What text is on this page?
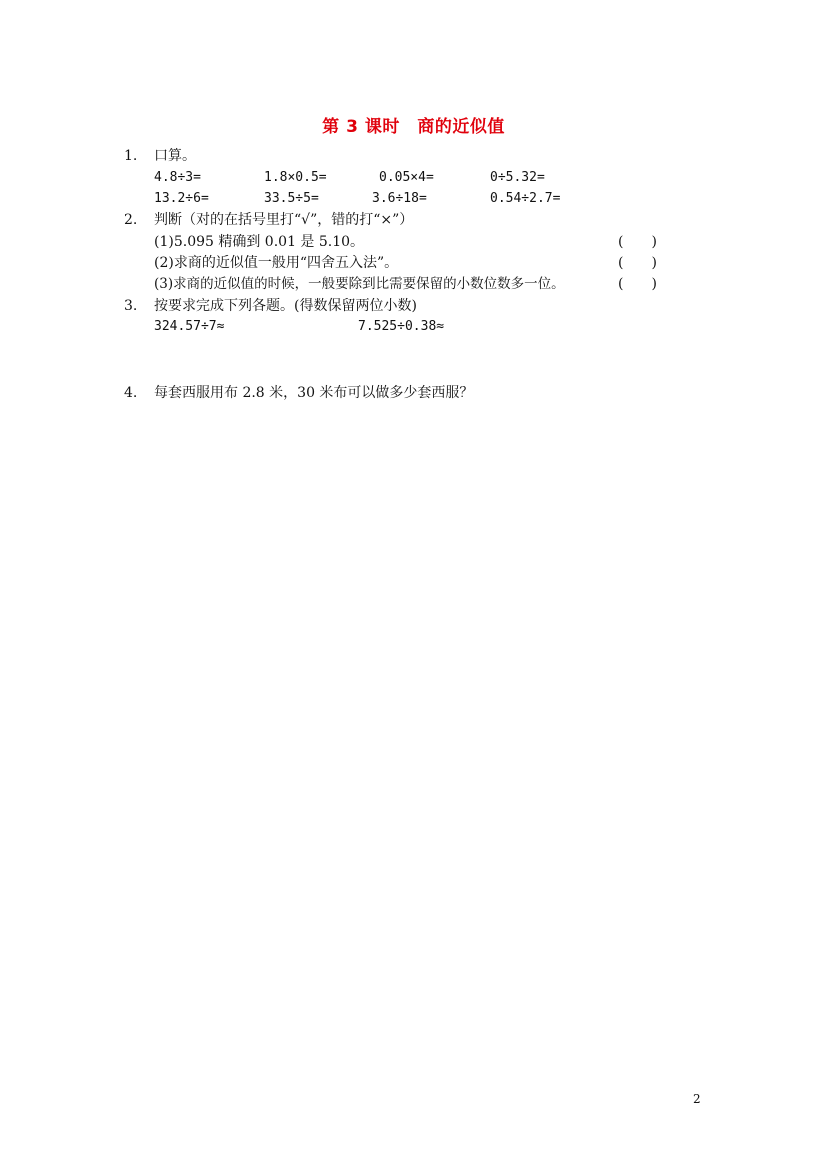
第 3 课时　商的近似值
1. 口算。
4.8÷3=	1.8×0.5=	0.05×4=	0÷5.32=
13.2÷6=	33.5÷5=	3.6÷18=	0.54÷2.7=
2. 判断（对的在括号里打“√”，错的打“×”）
(1)5.095 精确到 0.01 是 5.10。	(　　)
(2)求商的近似值一般用“四舍五入法”。	(　　)
(3)求商的近似值的时候，一般要除到比需要保留的小数位数多一位。	(　　)
3. 按要求完成下列各题。(得数保留两位小数)
324.57÷7≈	7.525÷0.38≈
4. 每套西服用布 2.8 米，30 米布可以做多少套西服？
2
